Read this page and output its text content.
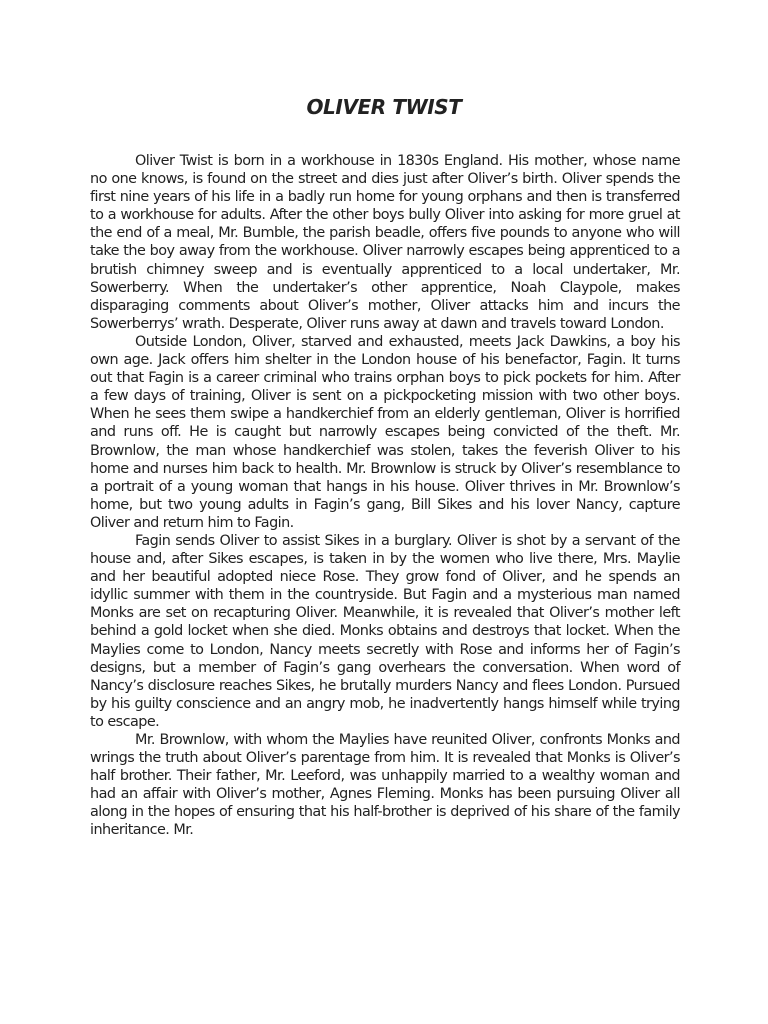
OLIVER TWIST

Oliver Twist is born in a workhouse in 1830s England. His mother, whose name no one knows, is found on the street and dies just after Oliver’s birth. Oliver spends the first nine years of his life in a badly run home for young orphans and then is transferred to a workhouse for adults. After the other boys bully Oliver into asking for more gruel at the end of a meal, Mr. Bumble, the parish beadle, offers five pounds to anyone who will take the boy away from the workhouse. Oliver narrowly escapes being apprenticed to a brutish chimney sweep and is eventually apprenticed to a local undertaker, Mr. Sowerberry. When the undertaker’s other apprentice, Noah Claypole, makes disparaging comments about Oliver’s mother, Oliver attacks him and incurs the Sowerberrys’ wrath. Desperate, Oliver runs away at dawn and travels toward London.

Outside London, Oliver, starved and exhausted, meets Jack Dawkins, a boy his own age. Jack offers him shelter in the London house of his benefactor, Fagin. It turns out that Fagin is a career criminal who trains orphan boys to pick pockets for him. After a few days of training, Oliver is sent on a pickpocketing mission with two other boys. When he sees them swipe a handkerchief from an elderly gentleman, Oliver is horrified and runs off. He is caught but narrowly escapes being convicted of the theft. Mr. Brownlow, the man whose handkerchief was stolen, takes the feverish Oliver to his home and nurses him back to health. Mr. Brownlow is struck by Oliver’s resemblance to a portrait of a young woman that hangs in his house. Oliver thrives in Mr. Brownlow’s home, but two young adults in Fagin’s gang, Bill Sikes and his lover Nancy, capture Oliver and return him to Fagin.

Fagin sends Oliver to assist Sikes in a burglary. Oliver is shot by a servant of the house and, after Sikes escapes, is taken in by the women who live there, Mrs. Maylie and her beautiful adopted niece Rose. They grow fond of Oliver, and he spends an idyllic summer with them in the countryside. But Fagin and a mysterious man named Monks are set on recapturing Oliver. Meanwhile, it is revealed that Oliver’s mother left behind a gold locket when she died. Monks obtains and destroys that locket. When the Maylies come to London, Nancy meets secretly with Rose and informs her of Fagin’s designs, but a member of Fagin’s gang overhears the conversation. When word of Nancy’s disclosure reaches Sikes, he brutally murders Nancy and flees London. Pursued by his guilty conscience and an angry mob, he inadvertently hangs himself while trying to escape.

Mr. Brownlow, with whom the Maylies have reunited Oliver, confronts Monks and wrings the truth about Oliver’s parentage from him. It is revealed that Monks is Oliver’s half brother. Their father, Mr. Leeford, was unhappily married to a wealthy woman and had an affair with Oliver’s mother, Agnes Fleming. Monks has been pursuing Oliver all along in the hopes of ensuring that his half-brother is deprived of his share of the family inheritance. Mr.
